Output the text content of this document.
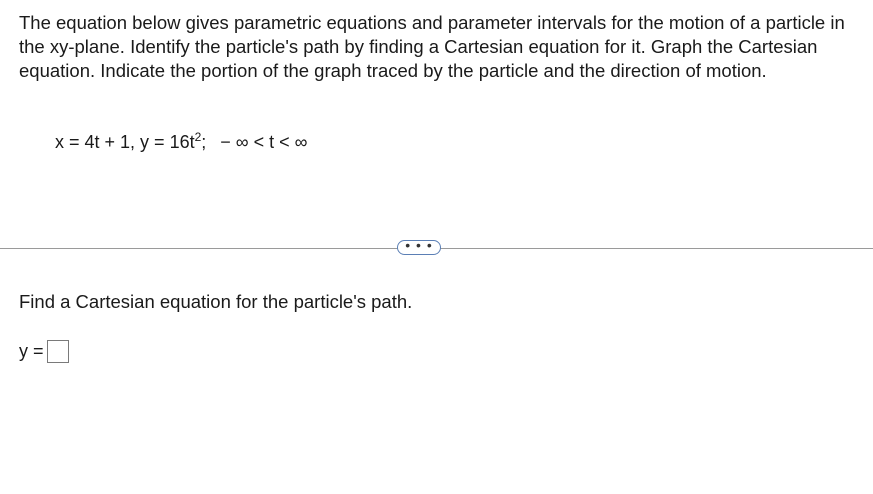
The equation below gives parametric equations and parameter intervals for the motion of a particle in the xy-plane. Identify the particle's path by finding a Cartesian equation for it. Graph the Cartesian equation. Indicate the portion of the graph traced by the particle and the direction of motion.

x = 4t + 1, $y = 16t^2$; − ∞ < t < ∞
• • •

Find a Cartesian equation for the particle's path.

y =
